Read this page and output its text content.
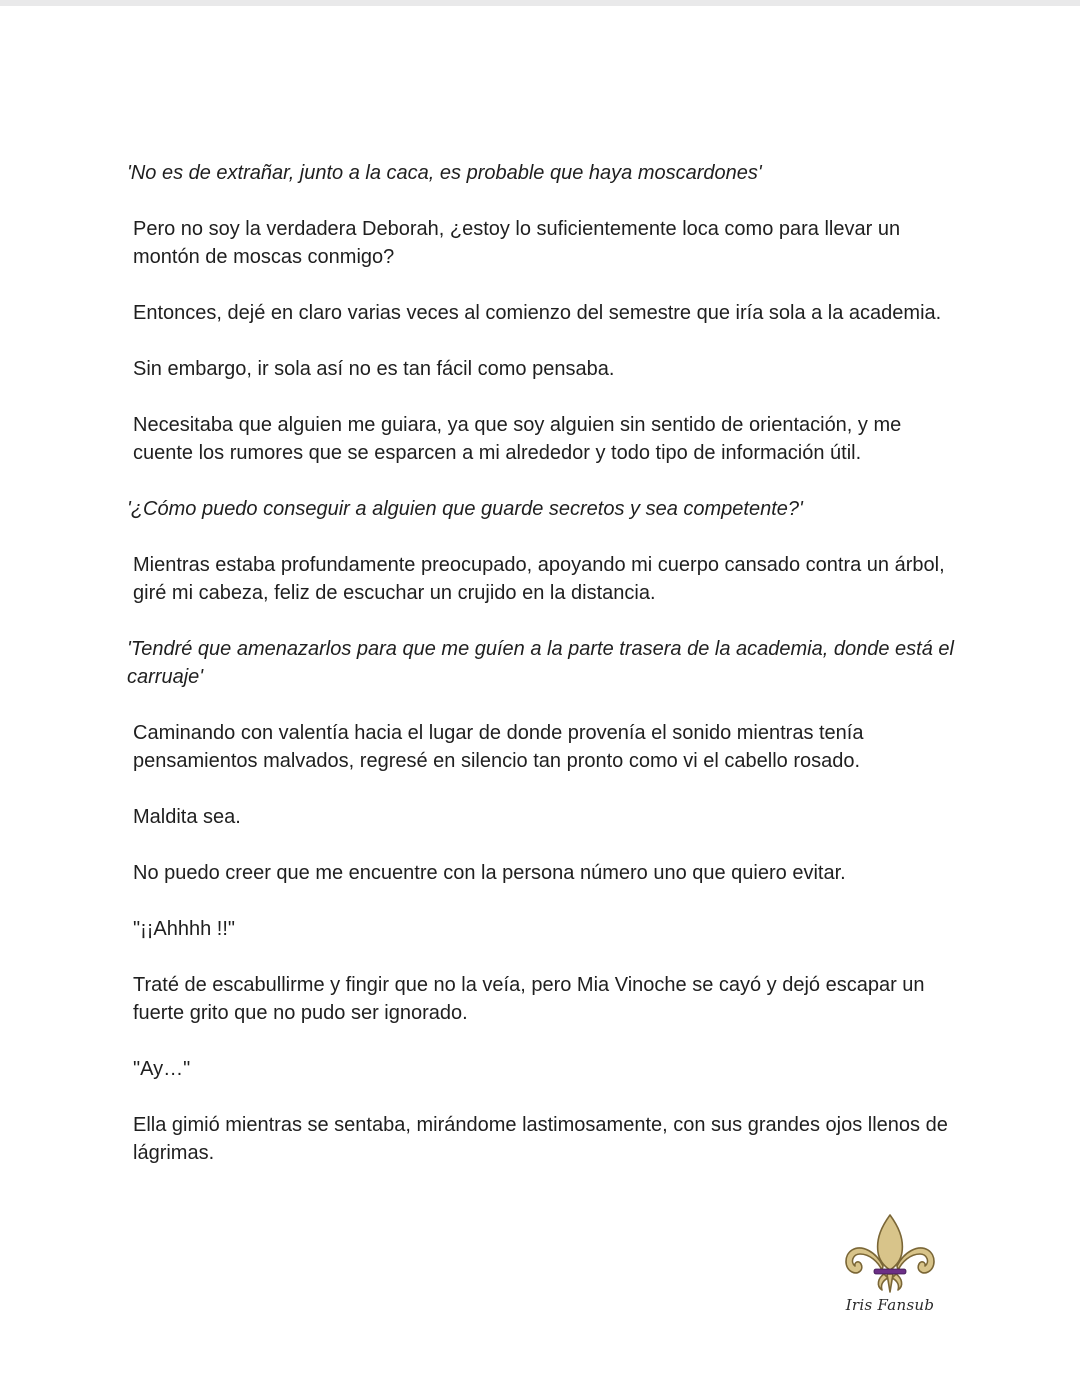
'No es de extrañar, junto a la caca, es probable que haya moscardones'

Pero no soy la verdadera Deborah, ¿estoy lo suficientemente loca como para llevar un montón de moscas conmigo?

Entonces, dejé en claro varias veces al comienzo del semestre que iría sola a la academia.

Sin embargo, ir sola así no es tan fácil como pensaba.

Necesitaba que alguien me guiara, ya que soy alguien sin sentido de orientación, y me cuente los rumores que se esparcen a mi alrededor y todo tipo de información útil.

'¿Cómo puedo conseguir a alguien que guarde secretos y sea competente?'

Mientras estaba profundamente preocupado, apoyando mi cuerpo cansado contra un árbol, giré mi cabeza, feliz de escuchar un crujido en la distancia.

'Tendré que amenazarlos para que me guíen a la parte trasera de la academia, donde está el carruaje'

Caminando con valentía hacia el lugar de donde provenía el sonido mientras tenía pensamientos malvados, regresé en silencio tan pronto como vi el cabello rosado.

Maldita sea.

No puedo creer que me encuentre con la persona número uno que quiero evitar.

"¡¡Ahhhh !!"

Traté de escabullirme y fingir que no la veía, pero Mia Vinoche se cayó y dejó escapar un fuerte grito que no pudo ser ignorado.

"Ay…"

Ella gimió mientras se sentaba, mirándome lastimosamente, con sus grandes ojos llenos de lágrimas.

Iris Fansub
